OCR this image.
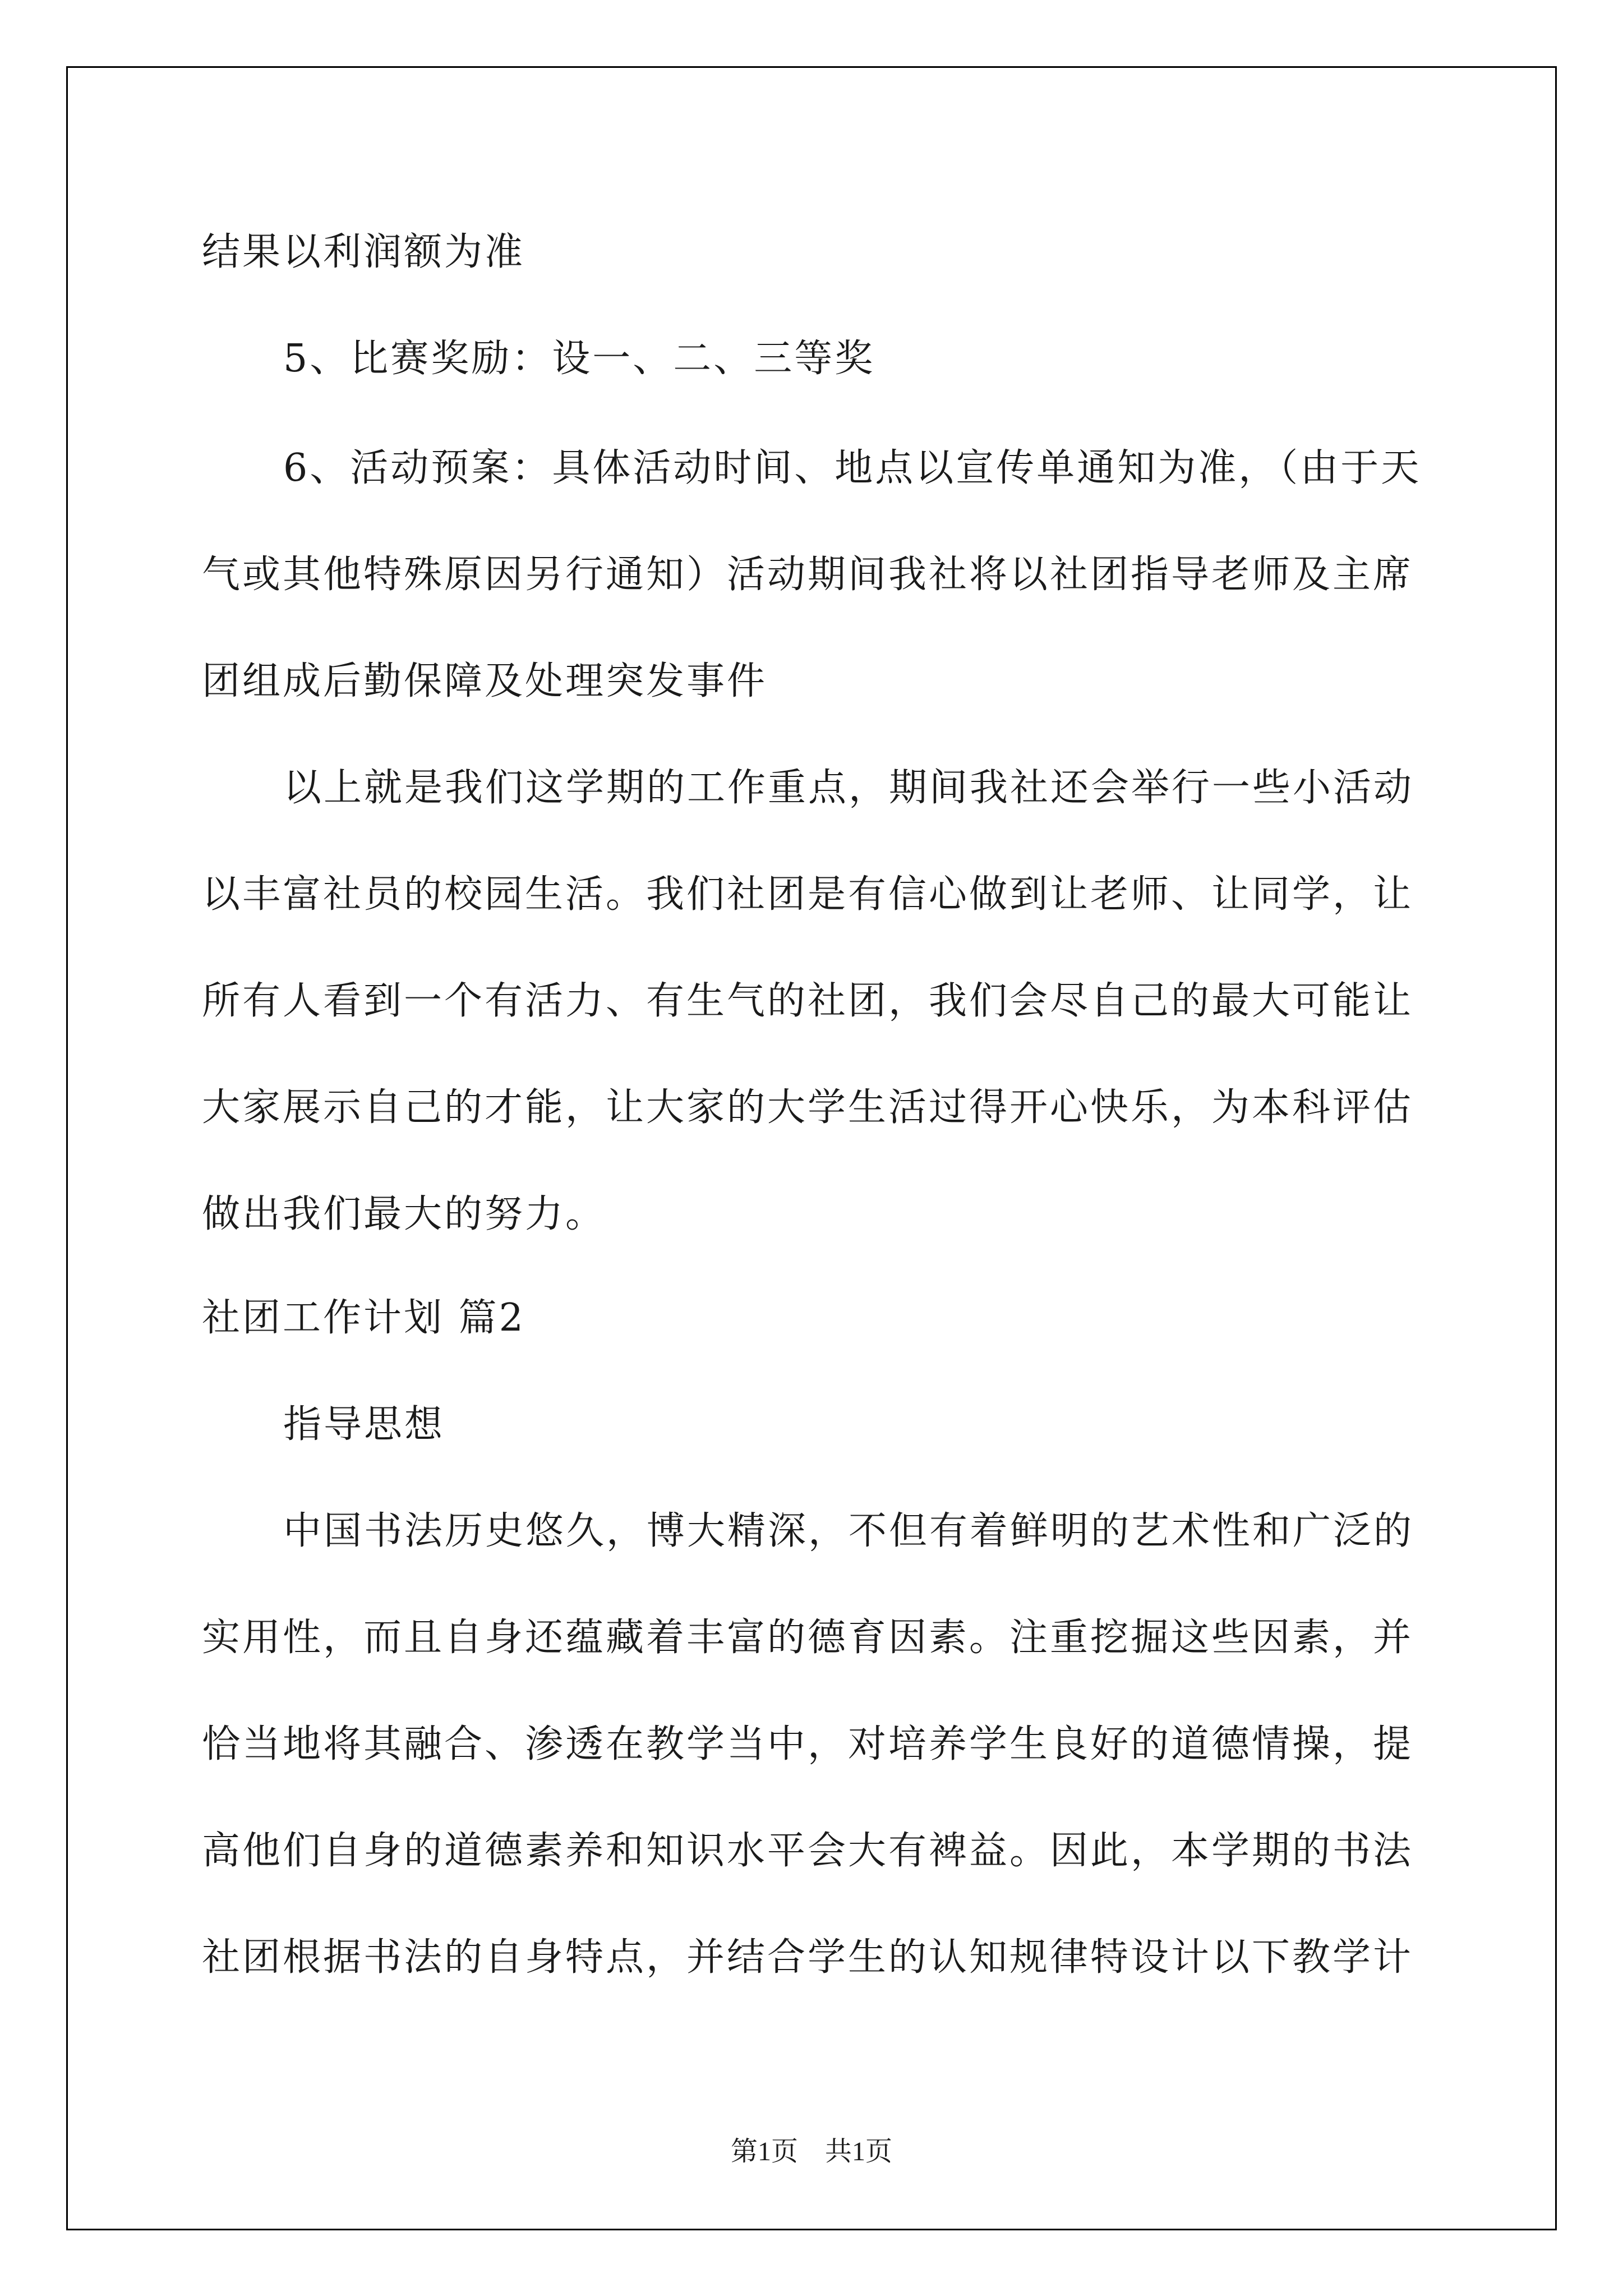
结果以利润额为准
5、比赛奖励：设一、二、三等奖
6、活动预案：具体活动时间、地点以宣传单通知为准，（由于天
气或其他特殊原因另行通知）活动期间我社将以社团指导老师及主席
团组成后勤保障及处理突发事件
以上就是我们这学期的工作重点，期间我社还会举行一些小活动
以丰富社员的校园生活。我们社团是有信心做到让老师、让同学，让
所有人看到一个有活力、有生气的社团，我们会尽自己的最大可能让
大家展示自己的才能，让大家的大学生活过得开心快乐，为本科评估
做出我们最大的努力。
社团工作计划 篇2
指导思想
中国书法历史悠久，博大精深，不但有着鲜明的艺术性和广泛的
实用性，而且自身还蕴藏着丰富的德育因素。注重挖掘这些因素，并
恰当地将其融合、渗透在教学当中，对培养学生良好的道德情操，提
高他们自身的道德素养和知识水平会大有裨益。因此，本学期的书法
社团根据书法的自身特点，并结合学生的认知规律特设计以下教学计
第1页　共1页
